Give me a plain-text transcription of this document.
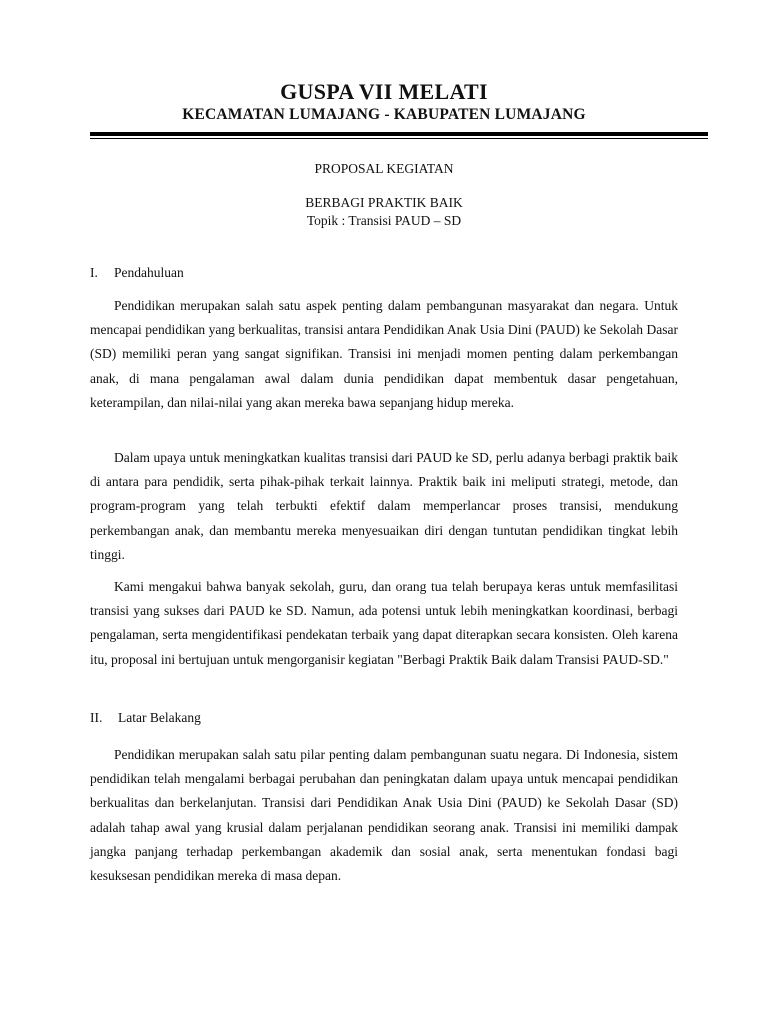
GUSPA VII MELATI
KECAMATAN LUMAJANG - KABUPATEN LUMAJANG
PROPOSAL KEGIATAN
BERBAGI PRAKTIK BAIK
Topik : Transisi PAUD – SD
I. Pendahuluan

Pendidikan merupakan salah satu aspek penting dalam pembangunan masyarakat dan negara. Untuk mencapai pendidikan yang berkualitas, transisi antara Pendidikan Anak Usia Dini (PAUD) ke Sekolah Dasar (SD) memiliki peran yang sangat signifikan. Transisi ini menjadi momen penting dalam perkembangan anak, di mana pengalaman awal dalam dunia pendidikan dapat membentuk dasar pengetahuan, keterampilan, dan nilai-nilai yang akan mereka bawa sepanjang hidup mereka.

Dalam upaya untuk meningkatkan kualitas transisi dari PAUD ke SD, perlu adanya berbagi praktik baik di antara para pendidik, serta pihak-pihak terkait lainnya. Praktik baik ini meliputi strategi, metode, dan program-program yang telah terbukti efektif dalam memperlancar proses transisi, mendukung perkembangan anak, dan membantu mereka menyesuaikan diri dengan tuntutan pendidikan tingkat lebih tinggi.

Kami mengakui bahwa banyak sekolah, guru, dan orang tua telah berupaya keras untuk memfasilitasi transisi yang sukses dari PAUD ke SD. Namun, ada potensi untuk lebih meningkatkan koordinasi, berbagi pengalaman, serta mengidentifikasi pendekatan terbaik yang dapat diterapkan secara konsisten. Oleh karena itu, proposal ini bertujuan untuk mengorganisir kegiatan "Berbagi Praktik Baik dalam Transisi PAUD-SD."

II. Latar Belakang

Pendidikan merupakan salah satu pilar penting dalam pembangunan suatu negara. Di Indonesia, sistem pendidikan telah mengalami berbagai perubahan dan peningkatan dalam upaya untuk mencapai pendidikan berkualitas dan berkelanjutan. Transisi dari Pendidikan Anak Usia Dini (PAUD) ke Sekolah Dasar (SD) adalah tahap awal yang krusial dalam perjalanan pendidikan seorang anak. Transisi ini memiliki dampak jangka panjang terhadap perkembangan akademik dan sosial anak, serta menentukan fondasi bagi kesuksesan pendidikan mereka di masa depan.
